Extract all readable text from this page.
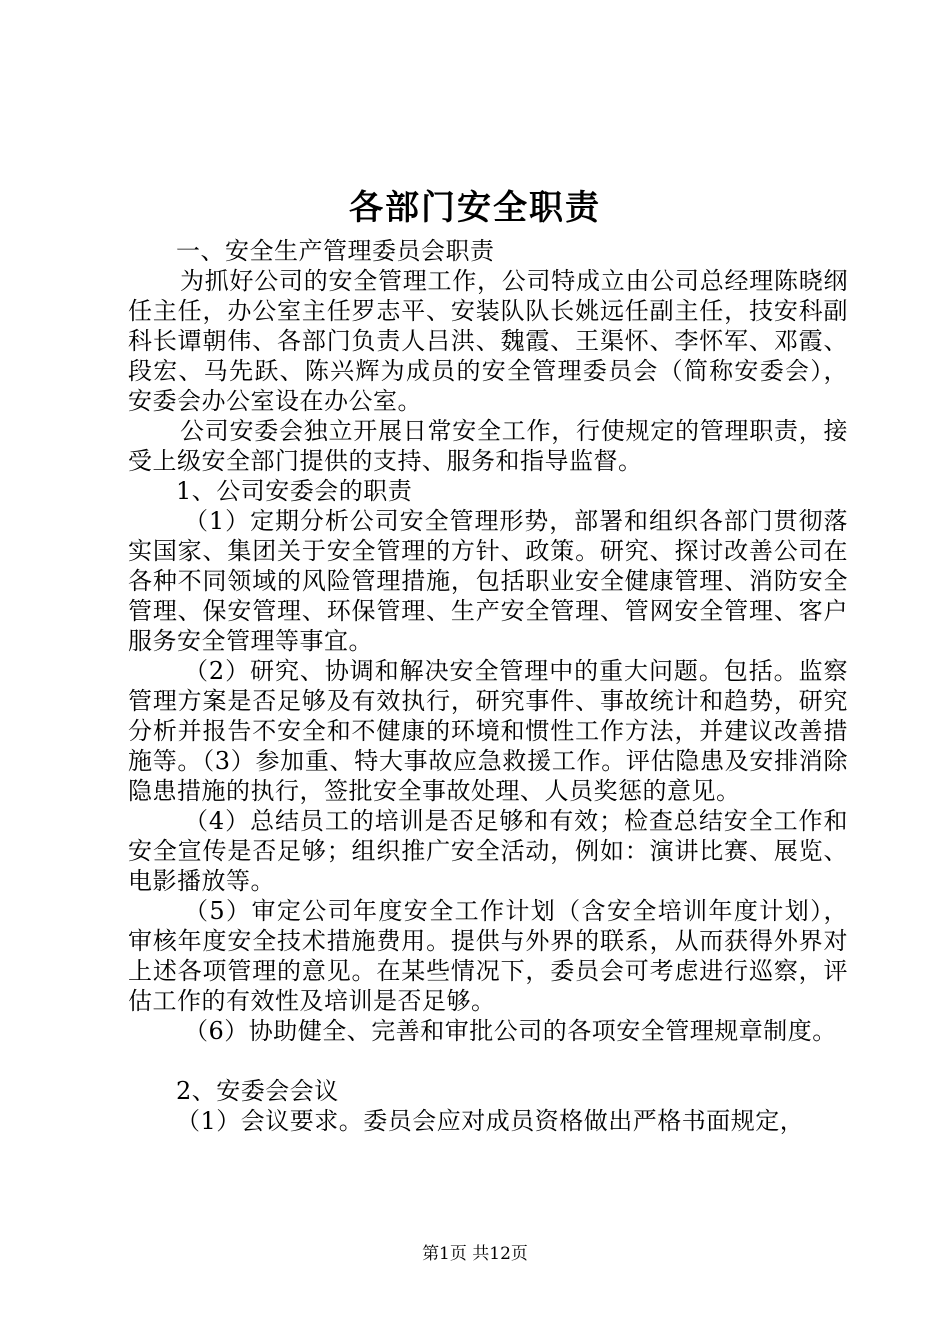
各部门安全职责

一、安全生产管理委员会职责

为抓好公司的安全管理工作，公司特成立由公司总经理陈晓纲任主任，办公室主任罗志平、安装队队长姚远任副主任，技安科副科长谭朝伟、各部门负责人吕洪、魏霞、王渠怀、李怀军、邓霞、段宏、马先跃、陈兴辉为成员的安全管理委员会（简称安委会），安委会办公室设在办公室。

公司安委会独立开展日常安全工作，行使规定的管理职责，接受上级安全部门提供的支持、服务和指导监督。

1、公司安委会的职责

（1）定期分析公司安全管理形势，部署和组织各部门贯彻落实国家、集团关于安全管理的方针、政策。研究、探讨改善公司在各种不同领域的风险管理措施，包括职业安全健康管理、消防安全管理、保安管理、环保管理、生产安全管理、管网安全管理、客户服务安全管理等事宜。

（2）研究、协调和解决安全管理中的重大问题。包括。监察管理方案是否足够及有效执行，研究事件、事故统计和趋势，研究分析并报告不安全和不健康的环境和惯性工作方法，并建议改善措施等。（3）参加重、特大事故应急救援工作。评估隐患及安排消除隐患措施的执行，签批安全事故处理、人员奖惩的意见。

（4）总结员工的培训是否足够和有效；检查总结安全工作和安全宣传是否足够；组织推广安全活动，例如：演讲比赛、展览、电影播放等。

（5）审定公司年度安全工作计划（含安全培训年度计划），审核年度安全技术措施费用。提供与外界的联系，从而获得外界对上述各项管理的意见。在某些情况下，委员会可考虑进行巡察，评估工作的有效性及培训是否足够。

（6）协助健全、完善和审批公司的各项安全管理规章制度。

2、安委会会议

（1）会议要求。委员会应对成员资格做出严格书面规定，

第1页 共12页
